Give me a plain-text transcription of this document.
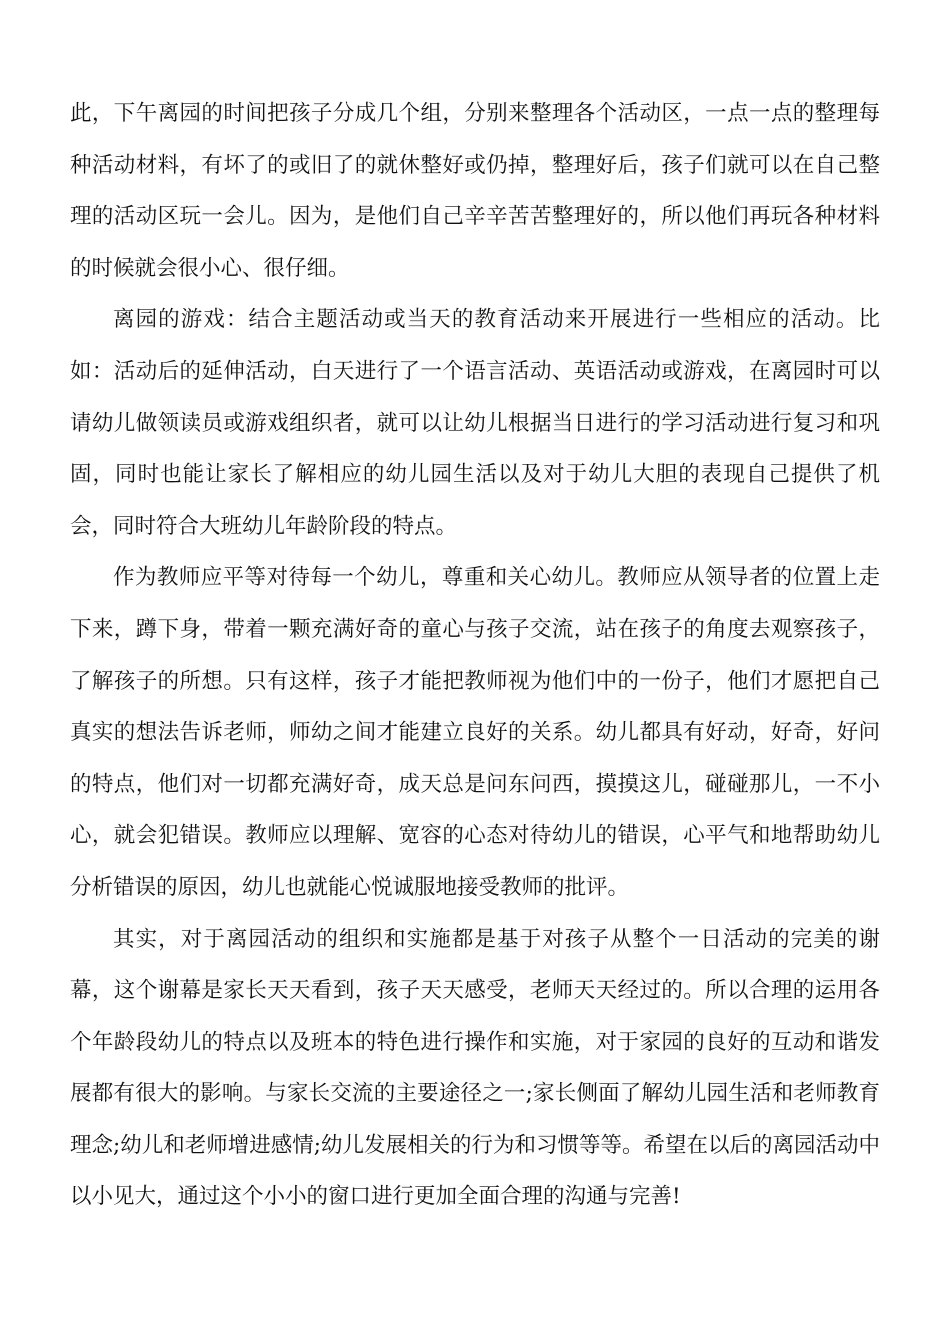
此，下午离园的时间把孩子分成几个组，分别来整理各个活动区，一点一点的整理每种活动材料，有坏了的或旧了的就休整好或仍掉，整理好后，孩子们就可以在自己整理的活动区玩一会儿。因为，是他们自己辛辛苦苦整理好的，所以他们再玩各种材料的时候就会很小心、很仔细。

离园的游戏：结合主题活动或当天的教育活动来开展进行一些相应的活动。比如：活动后的延伸活动，白天进行了一个语言活动、英语活动或游戏，在离园时可以请幼儿做领读员或游戏组织者，就可以让幼儿根据当日进行的学习活动进行复习和巩固，同时也能让家长了解相应的幼儿园生活以及对于幼儿大胆的表现自己提供了机会，同时符合大班幼儿年龄阶段的特点。

作为教师应平等对待每一个幼儿，尊重和关心幼儿。教师应从领导者的位置上走下来，蹲下身，带着一颗充满好奇的童心与孩子交流，站在孩子的角度去观察孩子，了解孩子的所想。只有这样，孩子才能把教师视为他们中的一份子，他们才愿把自己真实的想法告诉老师，师幼之间才能建立良好的关系。幼儿都具有好动，好奇，好问的特点，他们对一切都充满好奇，成天总是问东问西，摸摸这儿，碰碰那儿，一不小心，就会犯错误。教师应以理解、宽容的心态对待幼儿的错误，心平气和地帮助幼儿分析错误的原因，幼儿也就能心悦诚服地接受教师的批评。

其实，对于离园活动的组织和实施都是基于对孩子从整个一日活动的完美的谢幕，这个谢幕是家长天天看到，孩子天天感受，老师天天经过的。所以合理的运用各个年龄段幼儿的特点以及班本的特色进行操作和实施，对于家园的良好的互动和谐发展都有很大的影响。与家长交流的主要途径之一;家长侧面了解幼儿园生活和老师教育理念;幼儿和老师增进感情;幼儿发展相关的行为和习惯等等。希望在以后的离园活动中以小见大，通过这个小小的窗口进行更加全面合理的沟通与完善!
